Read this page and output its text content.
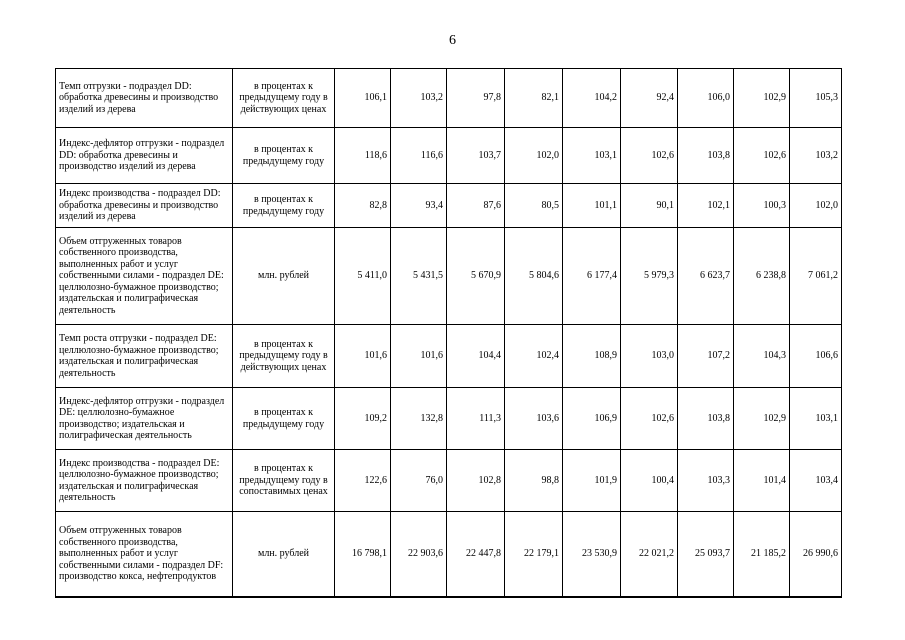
6
Темп отгрузки - подраздел DD: обработка древесины и производство изделий из дерева	в процентах к предыдущему году в действующих ценах	106,1	103,2	97,8	82,1	104,2	92,4	106,0	102,9	105,3
Индекс-дефлятор отгрузки - подраздел DD: обработка древесины и производство изделий из дерева	в процентах к предыдущему году	118,6	116,6	103,7	102,0	103,1	102,6	103,8	102,6	103,2
Индекс производства - подраздел DD: обработка древесины и производство изделий из дерева	в процентах к предыдущему году	82,8	93,4	87,6	80,5	101,1	90,1	102,1	100,3	102,0
Объем отгруженных товаров собственного производства, выполненных работ и услуг собственными силами - подраздел DE: целлюлозно-бумажное производство; издательская и полиграфическая деятельность	млн. рублей	5 411,0	5 431,5	5 670,9	5 804,6	6 177,4	5 979,3	6 623,7	6 238,8	7 061,2
Темп роста отгрузки - подраздел DE: целлюлозно-бумажное производство; издательская и полиграфическая деятельность	в процентах к предыдущему году в действующих ценах	101,6	101,6	104,4	102,4	108,9	103,0	107,2	104,3	106,6
Индекс-дефлятор отгрузки - подраздел DE: целлюлозно-бумажное производство; издательская и полиграфическая деятельность	в процентах к предыдущему году	109,2	132,8	111,3	103,6	106,9	102,6	103,8	102,9	103,1
Индекс производства - подраздел DE: целлюлозно-бумажное производство; издательская и полиграфическая деятельность	в процентах к предыдущему году в сопоставимых ценах	122,6	76,0	102,8	98,8	101,9	100,4	103,3	101,4	103,4
Объем отгруженных товаров собственного производства, выполненных работ и услуг собственными силами - подраздел DF: производство кокса, нефтепродуктов	млн. рублей	16 798,1	22 903,6	22 447,8	22 179,1	23 530,9	22 021,2	25 093,7	21 185,2	26 990,6
